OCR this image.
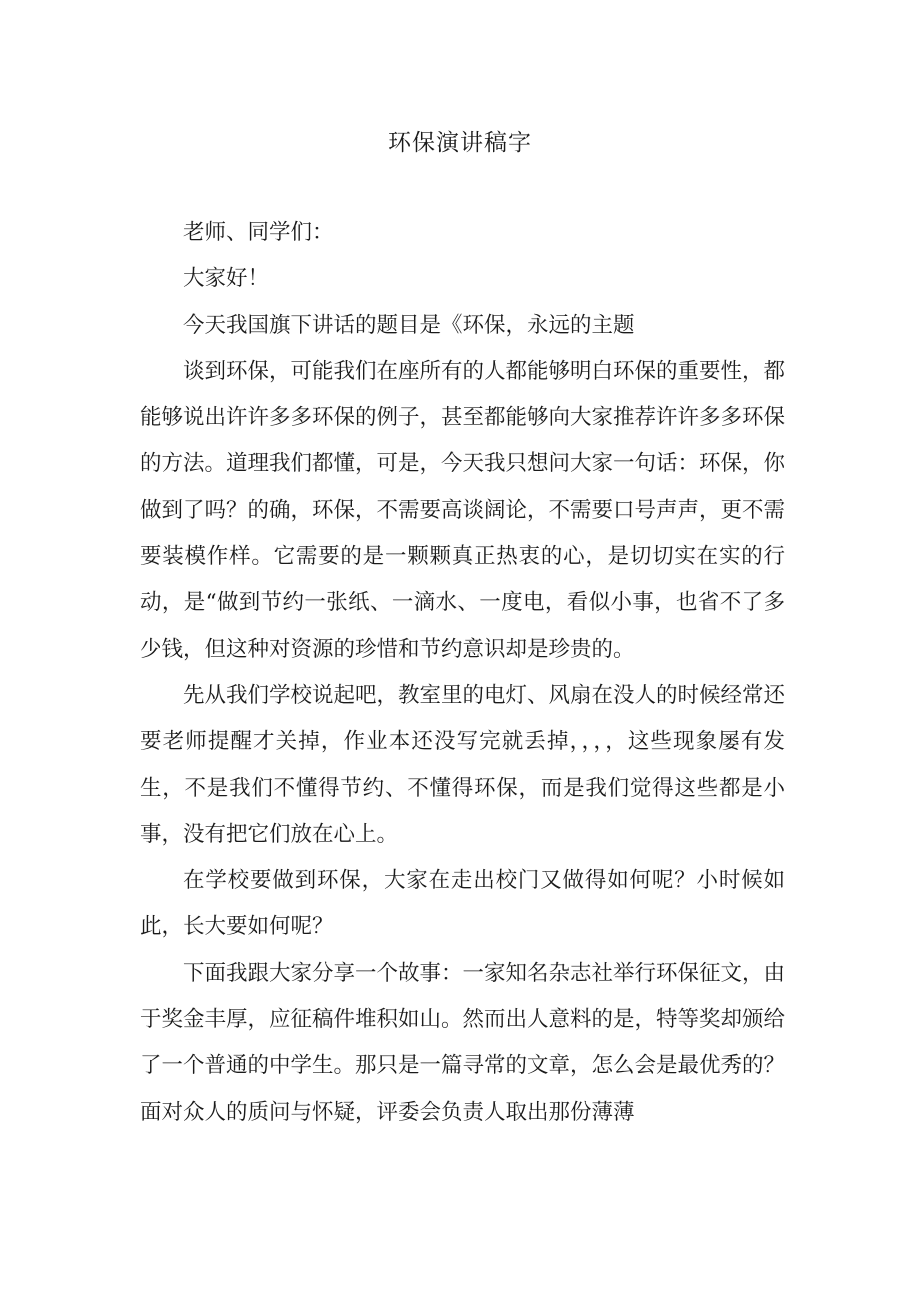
环保演讲稿字

老师、同学们：

大家好！

今天我国旗下讲话的题目是《环保，永远的主题

谈到环保，可能我们在座所有的人都能够明白环保的重要性，都能够说出许许多多环保的例子，甚至都能够向大家推荐许许多多环保的方法。道理我们都懂，可是，今天我只想问大家一句话：环保，你做到了吗？的确，环保，不需要高谈阔论，不需要口号声声，更不需要装模作样。它需要的是一颗颗真正热衷的心，是切切实在实的行动，是“做到节约一张纸、一滴水、一度电，看似小事，也省不了多少钱，但这种对资源的珍惜和节约意识却是珍贵的。

先从我们学校说起吧，教室里的电灯、风扇在没人的时候经常还要老师提醒才关掉，作业本还没写完就丢掉，，，，这些现象屡有发生，不是我们不懂得节约、不懂得环保，而是我们觉得这些都是小事，没有把它们放在心上。

在学校要做到环保，大家在走出校门又做得如何呢？小时候如此，长大要如何呢？

下面我跟大家分享一个故事：一家知名杂志社举行环保征文，由于奖金丰厚，应征稿件堆积如山。然而出人意料的是，特等奖却颁给了一个普通的中学生。那只是一篇寻常的文章，怎么会是最优秀的？面对众人的质问与怀疑，评委会负责人取出那份薄薄
